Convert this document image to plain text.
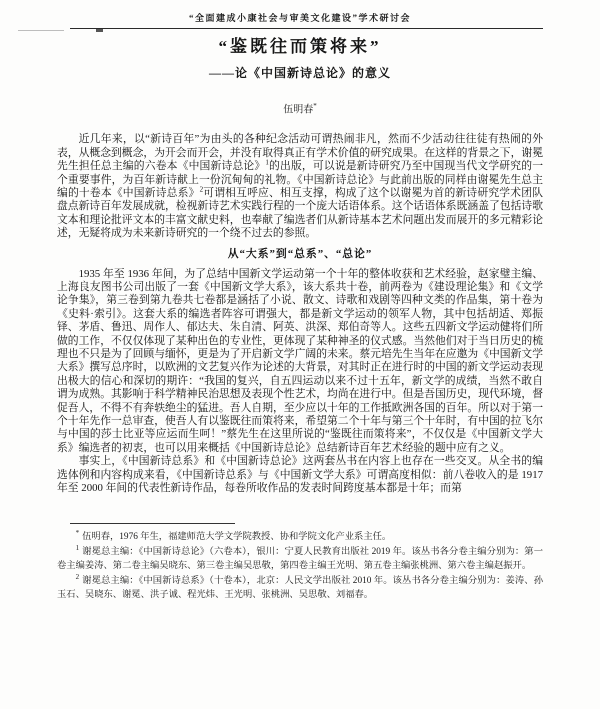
“全面建成小康社会与审美文化建设”学术研讨会
“鉴既往而策将来”
——论《中国新诗总论》的意义
伍明春*

近几年来，以“新诗百年”为由头的各种纪念活动可谓热闹非凡，然而不少活动往往徒有热闹的外表，从概念到概念，为开会而开会，并没有取得真正有学术价值的研究成果。在这样的背景之下，谢冕先生担任总主编的六卷本《中国新诗总论》$^1$的出版，可以说是新诗研究乃至中国现当代文学研究的一个重要事件，为百年新诗献上一份沉甸甸的礼物。《中国新诗总论》与此前出版的同样由谢冕先生总主编的十卷本《中国新诗总系》$^2$可谓相互呼应、相互支撑，构成了这个以谢冕为首的新诗研究学术团队盘点新诗百年发展成就，检视新诗艺术实践行程的一个庞大话语体系。这个话语体系既涵盖了包括诗歌文本和理论批评文本的丰富文献史料，也奉献了编选者们从新诗基本艺术问题出发而展开的多元精彩论述，无疑将成为未来新诗研究的一个绕不过去的参照。

从“大系”到“总系”、“总论”

1935 年至 1936 年间，为了总结中国新文学运动第一个十年的整体收获和艺术经验，赵家璧主编、上海良友图书公司出版了一套《中国新文学大系》，该大系共十卷，前两卷为《建设理论集》和《文学论争集》，第三卷到第九卷共七卷都是涵括了小说、散文、诗歌和戏剧等四种文类的作品集，第十卷为《史料·索引》。这套大系的编选者阵容可谓强大，都是新文学运动的领军人物，其中包括胡适、郑振铎、茅盾、鲁迅、周作人、郁达夫、朱自清、阿英、洪深、郑伯奇等人。这些五四新文学运动健将们所做的工作，不仅仅体现了某种出色的专业性，更体现了某种神圣的仪式感。当然他们对于当日历史的梳理也不只是为了回顾与缅怀，更是为了开启新文学广阔的未来。蔡元培先生当年在应邀为《中国新文学大系》撰写总序时，以欧洲的文艺复兴作为论述的大背景，对其时正在进行时的中国的新文学运动表现出极大的信心和深切的期许：“我国的复兴，自五四运动以来不过十五年，新文学的成绩，当然不敢自谓为成熟。其影响于科学精神民治思想及表现个性艺术，均尚在进行中。但是吾国历史，现代环境，督促吾人，不得不有奔轶绝尘的猛进。吾人自期，至少应以十年的工作抵欧洲各国的百年。所以对于第一个十年先作一总审查，使吾人有以鉴既往而策将来，希望第二个十年与第三个十年时，有中国的拉飞尔与中国的莎士比亚等应运而生呵！”蔡先生在这里所说的“鉴既往而策将来”，不仅仅是《中国新文学大系》编选者的初衷，也可以用来概括《中国新诗总论》总结新诗百年艺术经验的题中应有之义。

事实上，《中国新诗总系》和《中国新诗总论》这两套丛书在内容上也存在一些交叉。从全书的编选体例和内容构成来看，《中国新诗总系》与《中国新文学大系》可谓高度相似：前八卷收入的是 1917 年至 2000 年间的代表性新诗作品，每卷所收作品的发表时间跨度基本都是十年；而第

* 伍明春，1976 年生，福建师范大学文学院教授、协和学院文化产业系主任。

$^1$ 谢冕总主编：《中国新诗总论》（六卷本），银川：宁夏人民教育出版社 2019 年。该丛书各分卷主编分别为：第一卷主编姜涛、第二卷主编吴晓东、第三卷主编吴思敬，第四卷主编王光明、第五卷主编张桃洲、第六卷主编赵振开。

$^2$ 谢冕总主编：《中国新诗总系》（十卷本），北京：人民文学出版社 2010 年。该丛书各分卷主编分别为：姜涛、孙玉石、吴晓东、谢冕、洪子诚、程光炜、王光明、张桃洲、吴思敬、刘福春。
